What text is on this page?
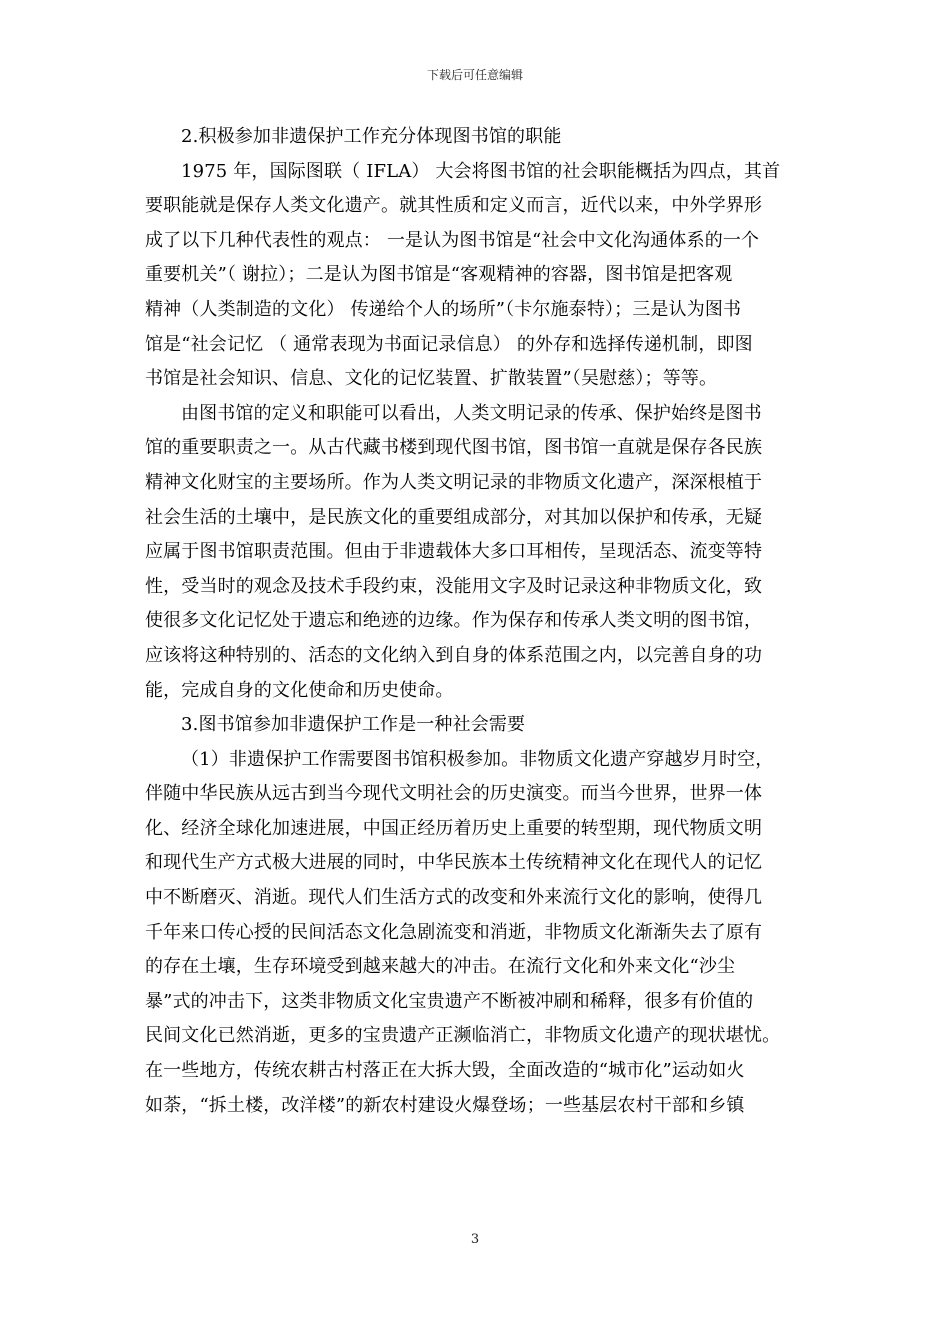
下载后可任意编辑
2.积极参加非遗保护工作充分体现图书馆的职能
1975 年，国际图联（ IFLA） 大会将图书馆的社会职能概括为四点，其首
要职能就是保存人类文化遗产。就其性质和定义而言，近代以来，中外学界形
成了以下几种代表性的观点： 一是认为图书馆是“社会中文化沟通体系的一个
重要机关”（ 谢拉）；二是认为图书馆是“客观精神的容器，图书馆是把客观
精神（人类制造的文化） 传递给个人的场所”（卡尔施泰特）；三是认为图书
馆是“社会记忆 （ 通常表现为书面记录信息） 的外存和选择传递机制，即图
书馆是社会知识、信息、文化的记忆装置、扩散装置”（吴慰慈）；等等。
由图书馆的定义和职能可以看出，人类文明记录的传承、保护始终是图书
馆的重要职责之一。从古代藏书楼到现代图书馆，图书馆一直就是保存各民族
精神文化财宝的主要场所。作为人类文明记录的非物质文化遗产，深深根植于
社会生活的土壤中，是民族文化的重要组成部分，对其加以保护和传承，无疑
应属于图书馆职责范围。但由于非遗载体大多口耳相传，呈现活态、流变等特
性，受当时的观念及技术手段约束，没能用文字及时记录这种非物质文化，致
使很多文化记忆处于遗忘和绝迹的边缘。作为保存和传承人类文明的图书馆，
应该将这种特别的、活态的文化纳入到自身的体系范围之内，以完善自身的功
能，完成自身的文化使命和历史使命。
3.图书馆参加非遗保护工作是一种社会需要
（1）非遗保护工作需要图书馆积极参加。非物质文化遗产穿越岁月时空，
伴随中华民族从远古到当今现代文明社会的历史演变。而当今世界，世界一体
化、经济全球化加速进展，中国正经历着历史上重要的转型期，现代物质文明
和现代生产方式极大进展的同时，中华民族本土传统精神文化在现代人的记忆
中不断磨灭、消逝。现代人们生活方式的改变和外来流行文化的影响，使得几
千年来口传心授的民间活态文化急剧流变和消逝，非物质文化渐渐失去了原有
的存在土壤，生存环境受到越来越大的冲击。在流行文化和外来文化“沙尘
暴”式的冲击下，这类非物质文化宝贵遗产不断被冲刷和稀释，很多有价值的
民间文化已然消逝，更多的宝贵遗产正濒临消亡，非物质文化遗产的现状堪忧。
在一些地方，传统农耕古村落正在大拆大毁，全面改造的“城市化”运动如火
如荼，“拆土楼，改洋楼”的新农村建设火爆登场；一些基层农村干部和乡镇
3
